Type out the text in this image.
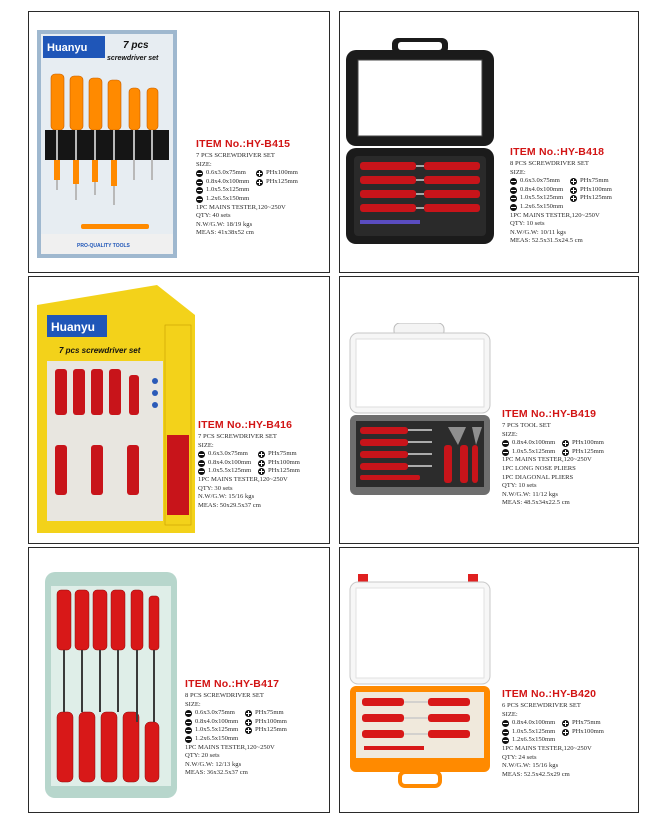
Huanyu	7 pcs
screwdriver set
PRO-QUALITY TOOLS
ITEM No.:HY-B415
7 PCS SCREWDRIVER SET
SIZE:
0.6x3.0x75mm	PHx100mm
0.8x4.0x100mm	PHx125mm
1.0x5.5x125mm
1.2x6.5x150mm
1PC MAINS TESTER,120~250V
QTY: 40 sets
N.W/G.W: 18/19 kgs
MEAS: 41x38x52 cm
ITEM No.:HY-B418
8 PCS SCREWDRIVER SET
SIZE:
0.6x3.0x75mm	PHx75mm
0.8x4.0x100mm	PHx100mm
1.0x5.5x125mm	PHx125mm
1.2x6.5x150mm
1PC MAINS TESTER,120~250V
QTY: 10 sets
N.W/G.W: 10/11 kgs
MEAS: 52.5x31.5x24.5 cm
Huanyu
7 pcs screwdriver set
ITEM No.:HY-B416
7 PCS SCREWDRIVER SET
SIZE:
0.6x3.0x75mm	PHx75mm
0.8x4.0x100mm	PHx100mm
1.0x5.5x125mm	PHx125mm
1PC MAINS TESTER,120~250V
QTY: 30 sets
N.W/G.W: 15/16 kgs
MEAS: 50x29.5x37 cm
ITEM No.:HY-B419
7 PCS TOOL SET
SIZE:
0.8x4.0x100mm	PHx100mm
1.0x5.5x125mm	PHx125mm
1PC MAINS TESTER,120~250V
1PC LONG NOSE PLIERS
1PC DIAGONAL PLIERS
QTY: 10 sets
N.W/G.W: 11/12 kgs
MEAS: 48.5x34x22.5 cm
ITEM No.:HY-B417
8 PCS SCREWDRIVER SET
SIZE:
0.6x3.0x75mm	PHx75mm
0.8x4.0x100mm	PHx100mm
1.0x5.5x125mm	PHx125mm
1.2x6.5x150mm
1PC MAINS TESTER,120~250V
QTY: 20 sets
N.W/G.W: 12/13 kgs
MEAS: 36x32.5x37 cm
ITEM No.:HY-B420
6 PCS SCREWDRIVER SET
SIZE:
0.8x4.0x100mm	PHx75mm
1.0x5.5x125mm	PHx100mm
1.2x6.5x150mm
1PC MAINS TESTER,120~250V
QTY: 24 sets
N.W/G.W: 15/16 kgs
MEAS: 52.5x42.5x29 cm
